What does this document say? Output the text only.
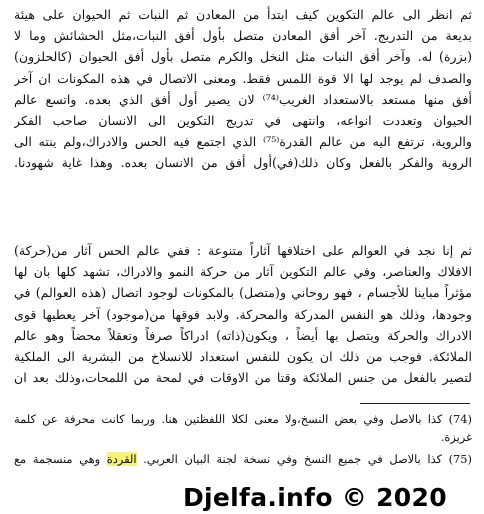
ثم انظر الى عالم التكوين كيف ابتدأ من المعادن ثم النبات ثم الحيوان على هيئة
بديعة من التدريج. آخر أفق المعادن متصل بأول أفق النبات،مثل الحشائش وما لا
(بزرة) له. وآخر أفق النبات مثل النخل والكرم متصل بأول أفق الحيوان (كالحلزون)
والصدف لم يوجد لها الا قوة اللمس فقط. ومعنى الاتصال في هذه المكونات ان آخر
أفق منها مستعد بالاستعداد الغريب⁽⁷⁴⁾ لان يصير أول أفق الذي بعده. واتسع عالم
الحيوان وتعددت انواعه، وانتهى في تدريج التكوين الى الانسان صاحب الفكر
والروية، ترتفع اليه من عالم القدرة⁽⁷⁵⁾ الذي اجتمع فيه الحس والادراك،ولم ينته الى
الروية والفكر بالفعل وكان ذلك(في)أول أفق من الانسان بعده. وهذا غاية شهودنا.
ثم إنا نجد في العوالم على اختلافها آثاراً متنوعة : ففي عالم الحس آثار من(حركة)
الافلاك والعناصر، وفي عالم التكوين آثار من حركة النمو والادراك، تشهد كلها بان لها
مؤثراً مباينا للأجسام ، فهو روحاني و(متصل) بالمكونات لوجود اتصال (هذه العوالم) في
وجودها، وذلك هو النفس المدركة والمحركة. ولابد فوقها من(موجود) آخر يعطيها قوى
الادراك والحركة ويتصل بها أيضاً ، ويكون(ذاته) ادراكاً صرفاً وتعقلاً محضاً وهو عالم
الملائكة. فوجب من ذلك ان يكون للنفس استعداد للانسلاخ من البشرية الى الملكية
لتصير بالفعل من جنس الملائكة وقتا من الاوقات في لمحة من اللمحات،وذلك بعد ان
(74) كذا بالاصل وفي بعض النسخ،ولا معنى لكلا اللفظتين هنا. وربما كانت محرفة عن كلمة
غريزة.
(75) كذا بالاصل في جميع النسخ وفي نسخة لجنة البيان العربي. القردة وهي منسجمة مع
Djelfa.info © 2020
